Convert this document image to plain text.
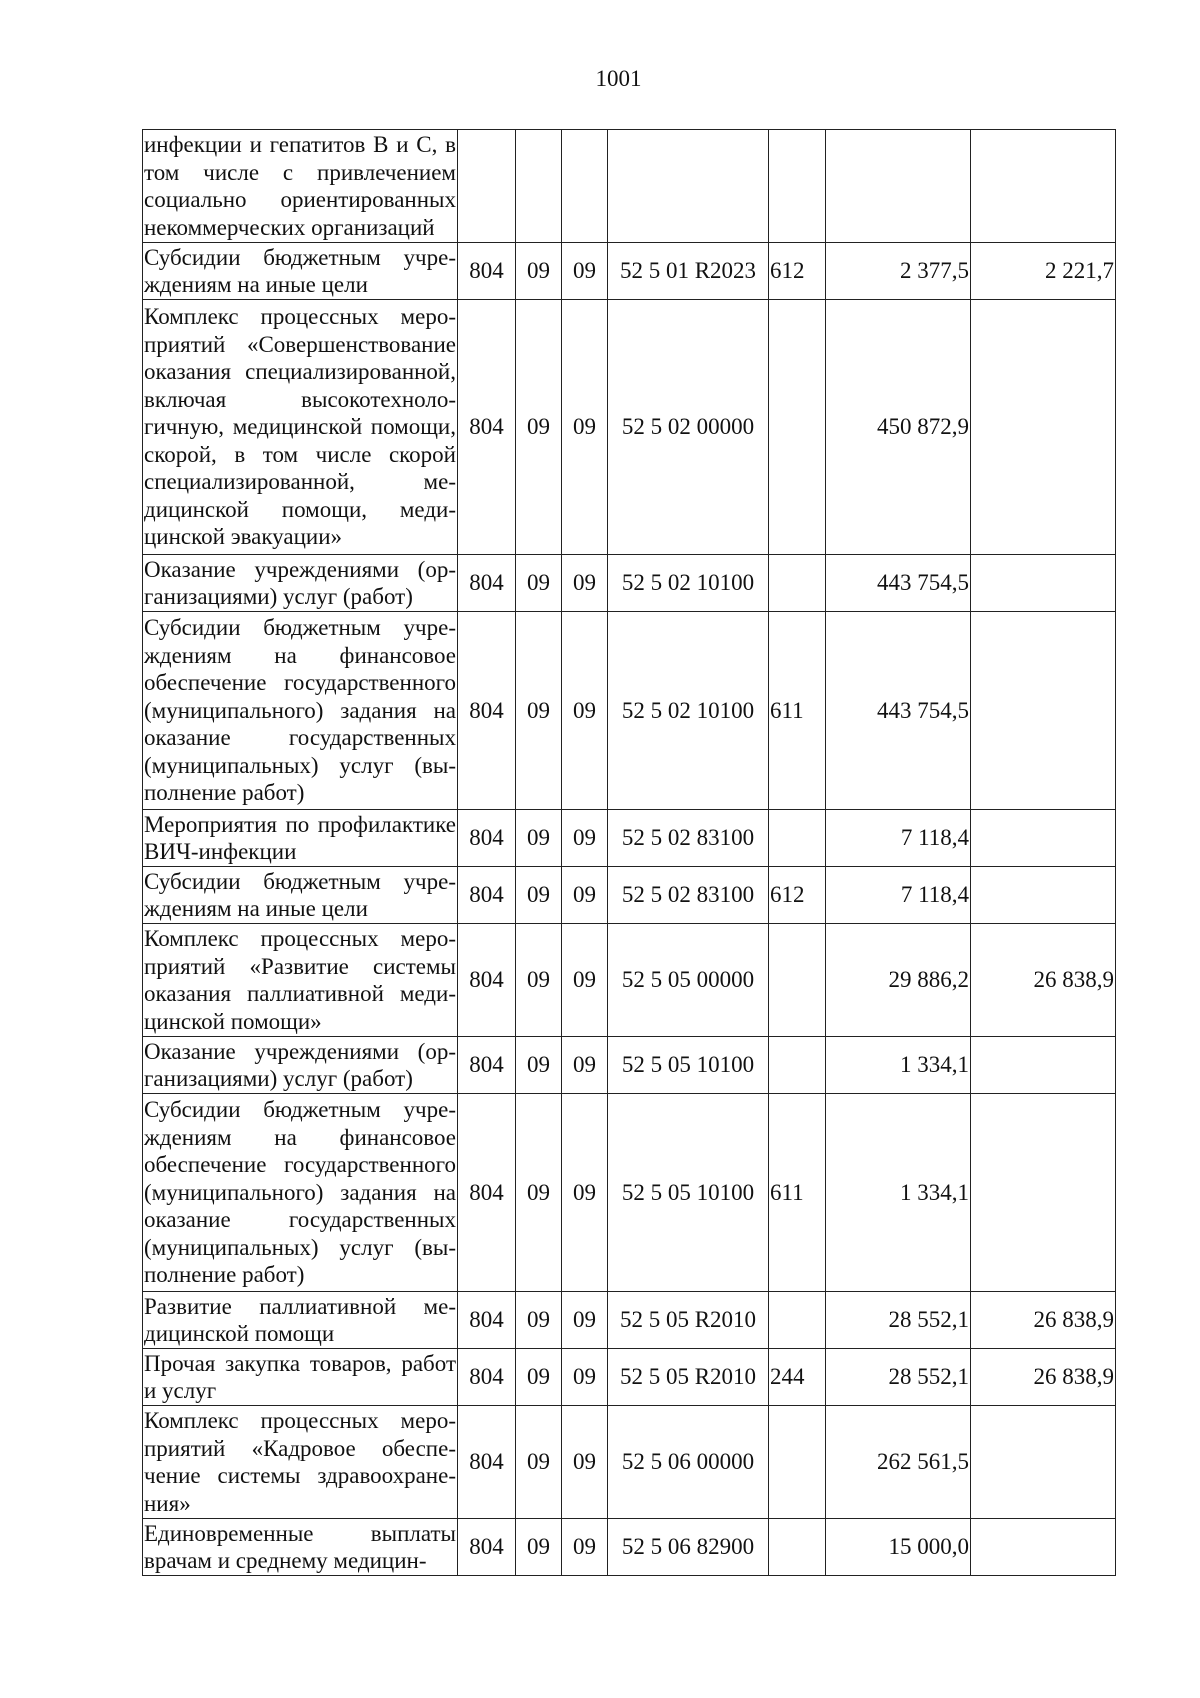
1001
инфекции и гепатитов В и С, в том числе с привлечением социально ориентированных некоммерческих организаций							
Субсидии бюджетным учреждениям на иные цели	804	09	09	52 5 01 R2023	612	2 377,5	2 221,7
Комплекс процессных мероприятий «Совершенствование оказания специализированной, включая высокотехнологичную, медицинской помощи, скорой, в том числе скорой специализированной, медицинской помощи, медицинской эвакуации»	804	09	09	52 5 02 00000		450 872,9	
Оказание учреждениями (организациями) услуг (работ)	804	09	09	52 5 02 10100		443 754,5	
Субсидии бюджетным учреждениям на финансовое обеспечение государственного (муниципального) задания на оказание государственных (муниципальных) услуг (выполнение работ)	804	09	09	52 5 02 10100	611	443 754,5	
Мероприятия по профилактике ВИЧ-инфекции	804	09	09	52 5 02 83100		7 118,4	
Субсидии бюджетным учреждениям на иные цели	804	09	09	52 5 02 83100	612	7 118,4	
Комплекс процессных мероприятий «Развитие системы оказания паллиативной медицинской помощи»	804	09	09	52 5 05 00000		29 886,2	26 838,9
Оказание учреждениями (организациями) услуг (работ)	804	09	09	52 5 05 10100		1 334,1	
Субсидии бюджетным учреждениям на финансовое обеспечение государственного (муниципального) задания на оказание государственных (муниципальных) услуг (выполнение работ)	804	09	09	52 5 05 10100	611	1 334,1	
Развитие паллиативной медицинской помощи	804	09	09	52 5 05 R2010		28 552,1	26 838,9
Прочая закупка товаров, работ и услуг	804	09	09	52 5 05 R2010	244	28 552,1	26 838,9
Комплекс процессных мероприятий «Кадровое обеспечение системы здравоохранения»	804	09	09	52 5 06 00000		262 561,5	
Единовременные выплаты врачам и среднему медицин-	804	09	09	52 5 06 82900		15 000,0	
